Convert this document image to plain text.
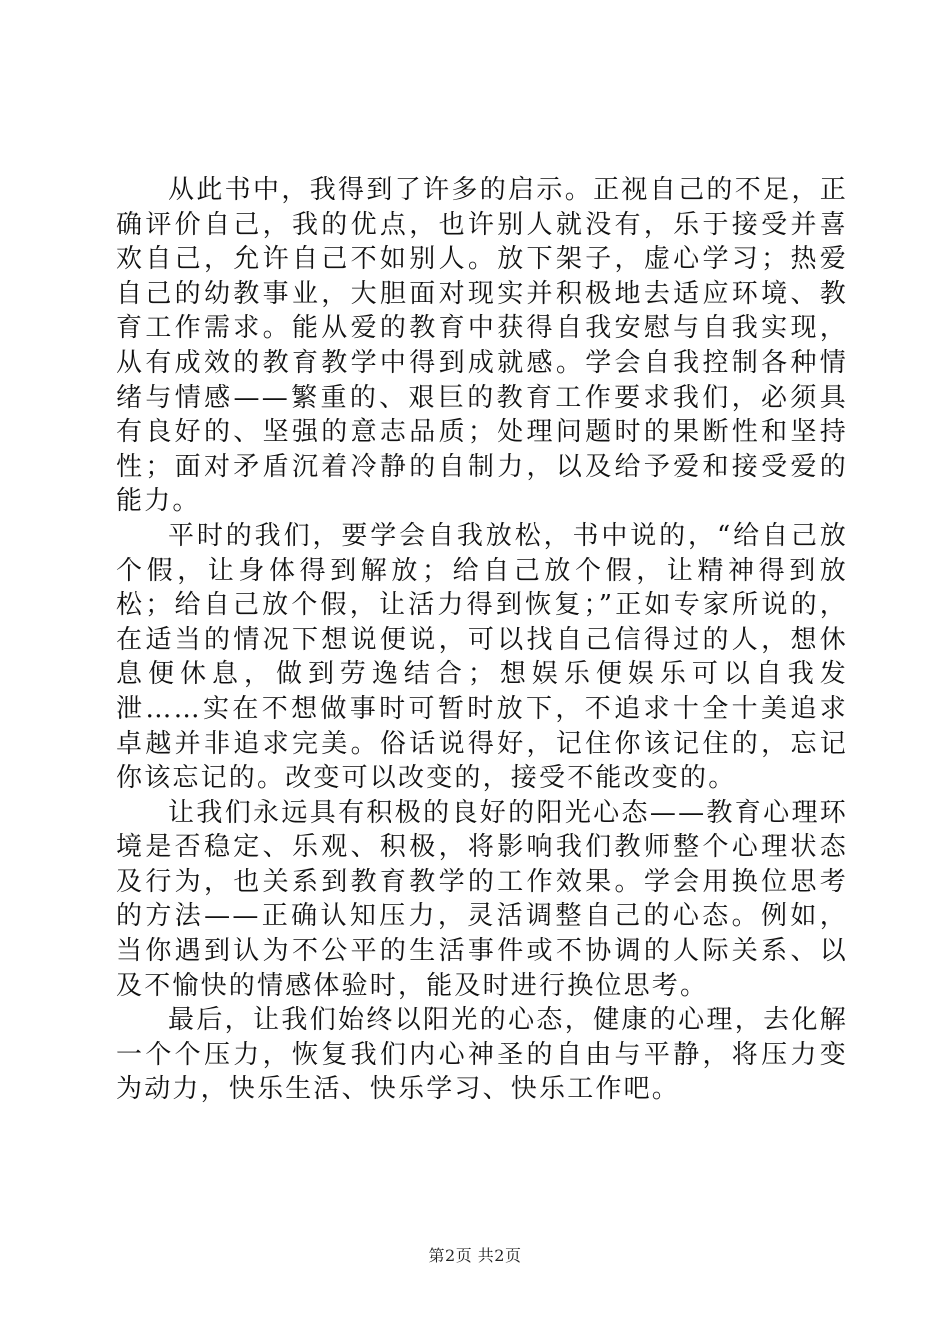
从此书中，我得到了许多的启示。正视自己的不足，正确评价自己，我的优点，也许别人就没有，乐于接受并喜欢自己，允许自己不如别人。放下架子，虚心学习；热爱自己的幼教事业，大胆面对现实并积极地去适应环境、教育工作需求。能从爱的教育中获得自我安慰与自我实现，从有成效的教育教学中得到成就感。学会自我控制各种情绪与情感——繁重的、艰巨的教育工作要求我们，必须具有良好的、坚强的意志品质；处理问题时的果断性和坚持性；面对矛盾沉着冷静的自制力，以及给予爱和接受爱的能力。

平时的我们，要学会自我放松，书中说的，“给自己放个假，让身体得到解放；给自己放个假，让精神得到放松；给自己放个假，让活力得到恢复；”正如专家所说的，在适当的情况下想说便说，可以找自己信得过的人，想休息便休息，做到劳逸结合；想娱乐便娱乐可以自我发泄……实在不想做事时可暂时放下，不追求十全十美追求卓越并非追求完美。俗话说得好，记住你该记住的，忘记你该忘记的。改变可以改变的，接受不能改变的。

让我们永远具有积极的良好的阳光心态——教育心理环境是否稳定、乐观、积极，将影响我们教师整个心理状态及行为，也关系到教育教学的工作效果。学会用换位思考的方法——正确认知压力，灵活调整自己的心态。例如，当你遇到认为不公平的生活事件或不协调的人际关系、以及不愉快的情感体验时，能及时进行换位思考。

最后，让我们始终以阳光的心态，健康的心理，去化解一个个压力，恢复我们内心神圣的自由与平静，将压力变为动力，快乐生活、快乐学习、快乐工作吧。

第2页 共2页
